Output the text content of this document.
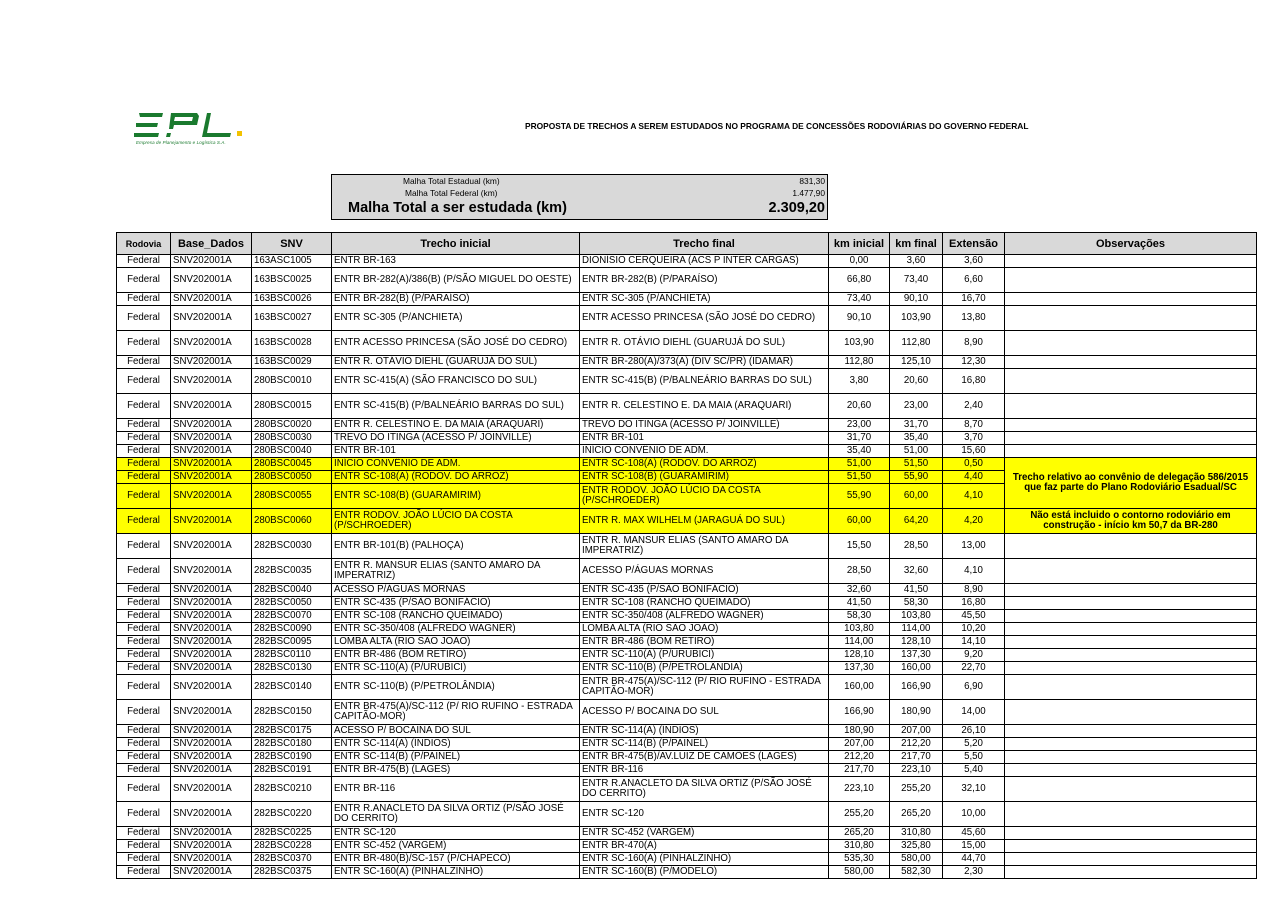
Empresa de Planejamento e Logística S.A.
PROPOSTA DE TRECHOS A SEREM ESTUDADOS NO PROGRAMA DE CONCESSÕES RODOVIÁRIAS DO GOVERNO FEDERAL
Malha Total Estadual (km)	831,30
Malha Total Federal (km)	1.477,90
Malha Total a ser estudada (km)	2.309,20
Rodovia	Base_Dados	SNV	Trecho inicial	Trecho final	km inicial	km final	Extensão	Observações
Federal	SNV202001A	163ASC1005	ENTR BR-163	DIONÍSIO CERQUEIRA (ACS P INTER CARGAS)	0,00	3,60	3,60	
Federal	SNV202001A	163BSC0025	ENTR BR-282(A)/386(B) (P/SÃO MIGUEL DO OESTE)	ENTR BR-282(B) (P/PARAÍSO)	66,80	73,40	6,60	
Federal	SNV202001A	163BSC0026	ENTR BR-282(B) (P/PARAÍSO)	ENTR SC-305 (P/ANCHIETA)	73,40	90,10	16,70	
Federal	SNV202001A	163BSC0027	ENTR SC-305 (P/ANCHIETA)	ENTR ACESSO PRINCESA (SÃO JOSÉ DO CEDRO)	90,10	103,90	13,80	
Federal	SNV202001A	163BSC0028	ENTR ACESSO PRINCESA (SÃO JOSÉ DO CEDRO)	ENTR R. OTÁVIO DIEHL (GUARUJÁ DO SUL)	103,90	112,80	8,90	
Federal	SNV202001A	163BSC0029	ENTR R. OTÁVIO DIEHL (GUARUJÁ DO SUL)	ENTR BR-280(A)/373(A) (DIV SC/PR) (IDAMAR)	112,80	125,10	12,30	
Federal	SNV202001A	280BSC0010	ENTR SC-415(A) (SÃO FRANCISCO DO SUL)	ENTR SC-415(B) (P/BALNEÁRIO BARRAS DO SUL)	3,80	20,60	16,80	
Federal	SNV202001A	280BSC0015	ENTR SC-415(B) (P/BALNEÁRIO BARRAS DO SUL)	ENTR R. CELESTINO E. DA MAIA (ARAQUARI)	20,60	23,00	2,40	
Federal	SNV202001A	280BSC0020	ENTR R. CELESTINO E. DA MAIA (ARAQUARI)	TREVO DO ITINGA (ACESSO P/ JOINVILLE)	23,00	31,70	8,70	
Federal	SNV202001A	280BSC0030	TREVO DO ITINGA (ACESSO P/ JOINVILLE)	ENTR BR-101	31,70	35,40	3,70	
Federal	SNV202001A	280BSC0040	ENTR BR-101	INÍCIO CONVÊNIO DE ADM.	35,40	51,00	15,60	
Federal	SNV202001A	280BSC0045	INÍCIO CONVÊNIO DE ADM.	ENTR SC-108(A) (RODOV. DO ARROZ)	51,00	51,50	0,50	Trecho relativo ao convênio de delegação 586/2015 que faz parte do Plano Rodoviário Esadual/SC
Federal	SNV202001A	280BSC0050	ENTR SC-108(A) (RODOV. DO ARROZ)	ENTR SC-108(B) (GUARAMIRIM)	51,50	55,90	4,40	
Federal	SNV202001A	280BSC0055	ENTR SC-108(B) (GUARAMIRIM)	ENTR RODOV. JOÃO LÚCIO DA COSTA (P/SCHROEDER)	55,90	60,00	4,10	
Federal	SNV202001A	280BSC0060	ENTR RODOV. JOÃO LÚCIO DA COSTA (P/SCHROEDER)	ENTR R. MAX WILHELM (JARAGUÁ DO SUL)	60,00	64,20	4,20	Não está incluido o contorno rodoviário em construção - início km 50,7 da BR-280
Federal	SNV202001A	282BSC0030	ENTR BR-101(B) (PALHOÇA)	ENTR R. MANSUR ELIAS (SANTO AMARO DA IMPERATRIZ)	15,50	28,50	13,00	
Federal	SNV202001A	282BSC0035	ENTR R. MANSUR ELIAS (SANTO AMARO DA IMPERATRIZ)	ACESSO P/ÁGUAS MORNAS	28,50	32,60	4,10	
Federal	SNV202001A	282BSC0040	ACESSO P/ÁGUAS MORNAS	ENTR SC-435 (P/SÃO BONIFÁCIO)	32,60	41,50	8,90	
Federal	SNV202001A	282BSC0050	ENTR SC-435 (P/SÃO BONIFÁCIO)	ENTR SC-108 (RANCHO QUEIMADO)	41,50	58,30	16,80	
Federal	SNV202001A	282BSC0070	ENTR SC-108 (RANCHO QUEIMADO)	ENTR SC-350/408 (ALFREDO WAGNER)	58,30	103,80	45,50	
Federal	SNV202001A	282BSC0090	ENTR SC-350/408 (ALFREDO WAGNER)	LOMBA ALTA (RIO SÃO JOÃO)	103,80	114,00	10,20	
Federal	SNV202001A	282BSC0095	LOMBA ALTA (RIO SÃO JOÃO)	ENTR BR-486 (BOM RETIRO)	114,00	128,10	14,10	
Federal	SNV202001A	282BSC0110	ENTR BR-486 (BOM RETIRO)	ENTR SC-110(A) (P/URUBICI)	128,10	137,30	9,20	
Federal	SNV202001A	282BSC0130	ENTR SC-110(A) (P/URUBICI)	ENTR SC-110(B) (P/PETROLÂNDIA)	137,30	160,00	22,70	
Federal	SNV202001A	282BSC0140	ENTR SC-110(B) (P/PETROLÂNDIA)	ENTR BR-475(A)/SC-112 (P/ RIO RUFINO - ESTRADA CAPITÃO-MOR)	160,00	166,90	6,90	
Federal	SNV202001A	282BSC0150	ENTR BR-475(A)/SC-112 (P/ RIO RUFINO - ESTRADA CAPITÃO-MOR)	ACESSO P/ BOCAINA DO SUL	166,90	180,90	14,00	
Federal	SNV202001A	282BSC0175	ACESSO P/ BOCAINA DO SUL	ENTR SC-114(A) (ÍNDIOS)	180,90	207,00	26,10	
Federal	SNV202001A	282BSC0180	ENTR SC-114(A) (ÍNDIOS)	ENTR SC-114(B) (P/PAINEL)	207,00	212,20	5,20	
Federal	SNV202001A	282BSC0190	ENTR SC-114(B) (P/PAINEL)	ENTR BR-475(B)/AV.LUIZ DE CAMÕES (LAGES)	212,20	217,70	5,50	
Federal	SNV202001A	282BSC0191	ENTR BR-475(B) (LAGES)	ENTR BR-116	217,70	223,10	5,40	
Federal	SNV202001A	282BSC0210	ENTR BR-116	ENTR R.ANACLETO DA SILVA ORTIZ (P/SÃO JOSÉ DO CERRITO)	223,10	255,20	32,10	
Federal	SNV202001A	282BSC0220	ENTR R.ANACLETO DA SILVA ORTIZ (P/SÃO JOSÉ DO CERRITO)	ENTR SC-120	255,20	265,20	10,00	
Federal	SNV202001A	282BSC0225	ENTR SC-120	ENTR SC-452 (VARGEM)	265,20	310,80	45,60	
Federal	SNV202001A	282BSC0228	ENTR SC-452 (VARGEM)	ENTR BR-470(A)	310,80	325,80	15,00	
Federal	SNV202001A	282BSC0370	ENTR BR-480(B)/SC-157 (P/CHAPECÓ)	ENTR SC-160(A) (PINHALZINHO)	535,30	580,00	44,70	
Federal	SNV202001A	282BSC0375	ENTR SC-160(A) (PINHALZINHO)	ENTR SC-160(B) (P/MODELO)	580,00	582,30	2,30	
